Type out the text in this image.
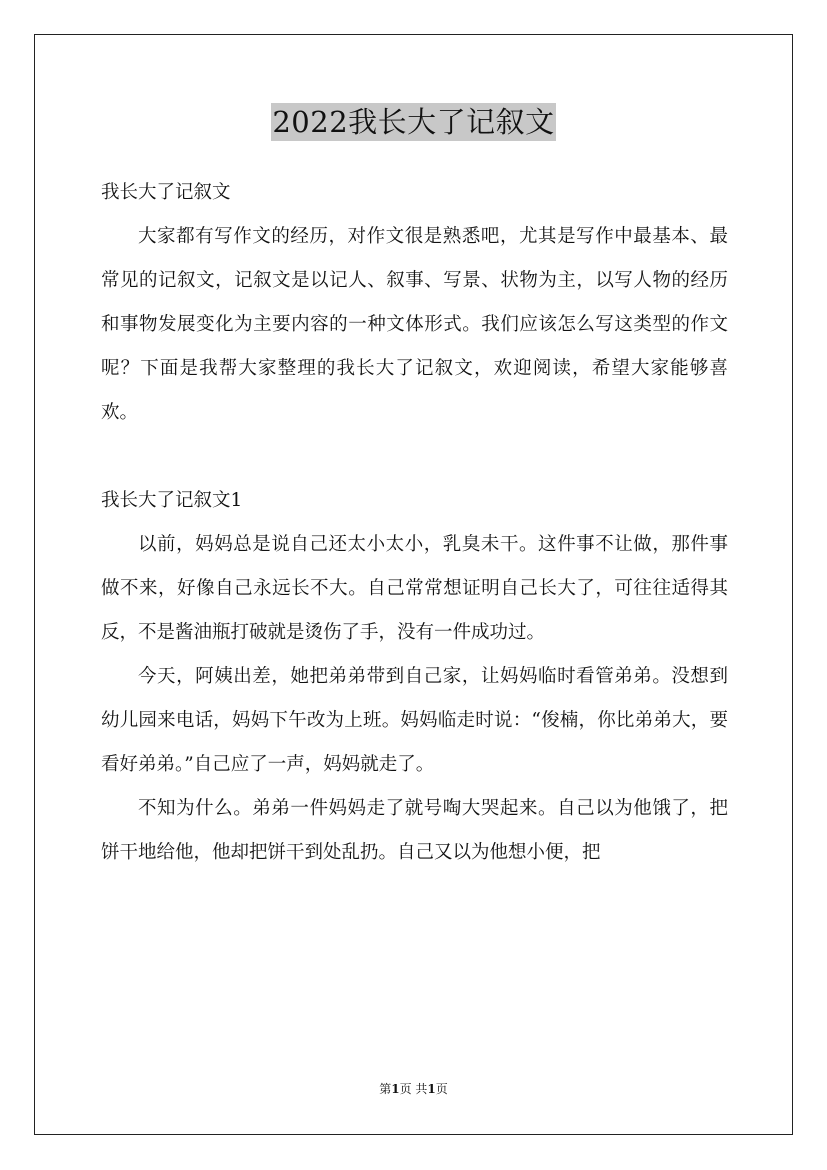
2022我长大了记叙文

我长大了记叙文

大家都有写作文的经历，对作文很是熟悉吧，尤其是写作中最基本、最常见的记叙文，记叙文是以记人、叙事、写景、状物为主，以写人物的经历和事物发展变化为主要内容的一种文体形式。我们应该怎么写这类型的作文呢？下面是我帮大家整理的我长大了记叙文，欢迎阅读，希望大家能够喜欢。

我长大了记叙文1

以前，妈妈总是说自己还太小太小，乳臭未干。这件事不让做，那件事做不来，好像自己永远长不大。自己常常想证明自己长大了，可往往适得其反，不是酱油瓶打破就是烫伤了手，没有一件成功过。

今天，阿姨出差，她把弟弟带到自己家，让妈妈临时看管弟弟。没想到幼儿园来电话，妈妈下午改为上班。妈妈临走时说：“俊楠，你比弟弟大，要看好弟弟。”自己应了一声，妈妈就走了。

不知为什么。弟弟一件妈妈走了就号啕大哭起来。自己以为他饿了，把饼干地给他，他却把饼干到处乱扔。自己又以为他想小便，把

第1页 共1页
